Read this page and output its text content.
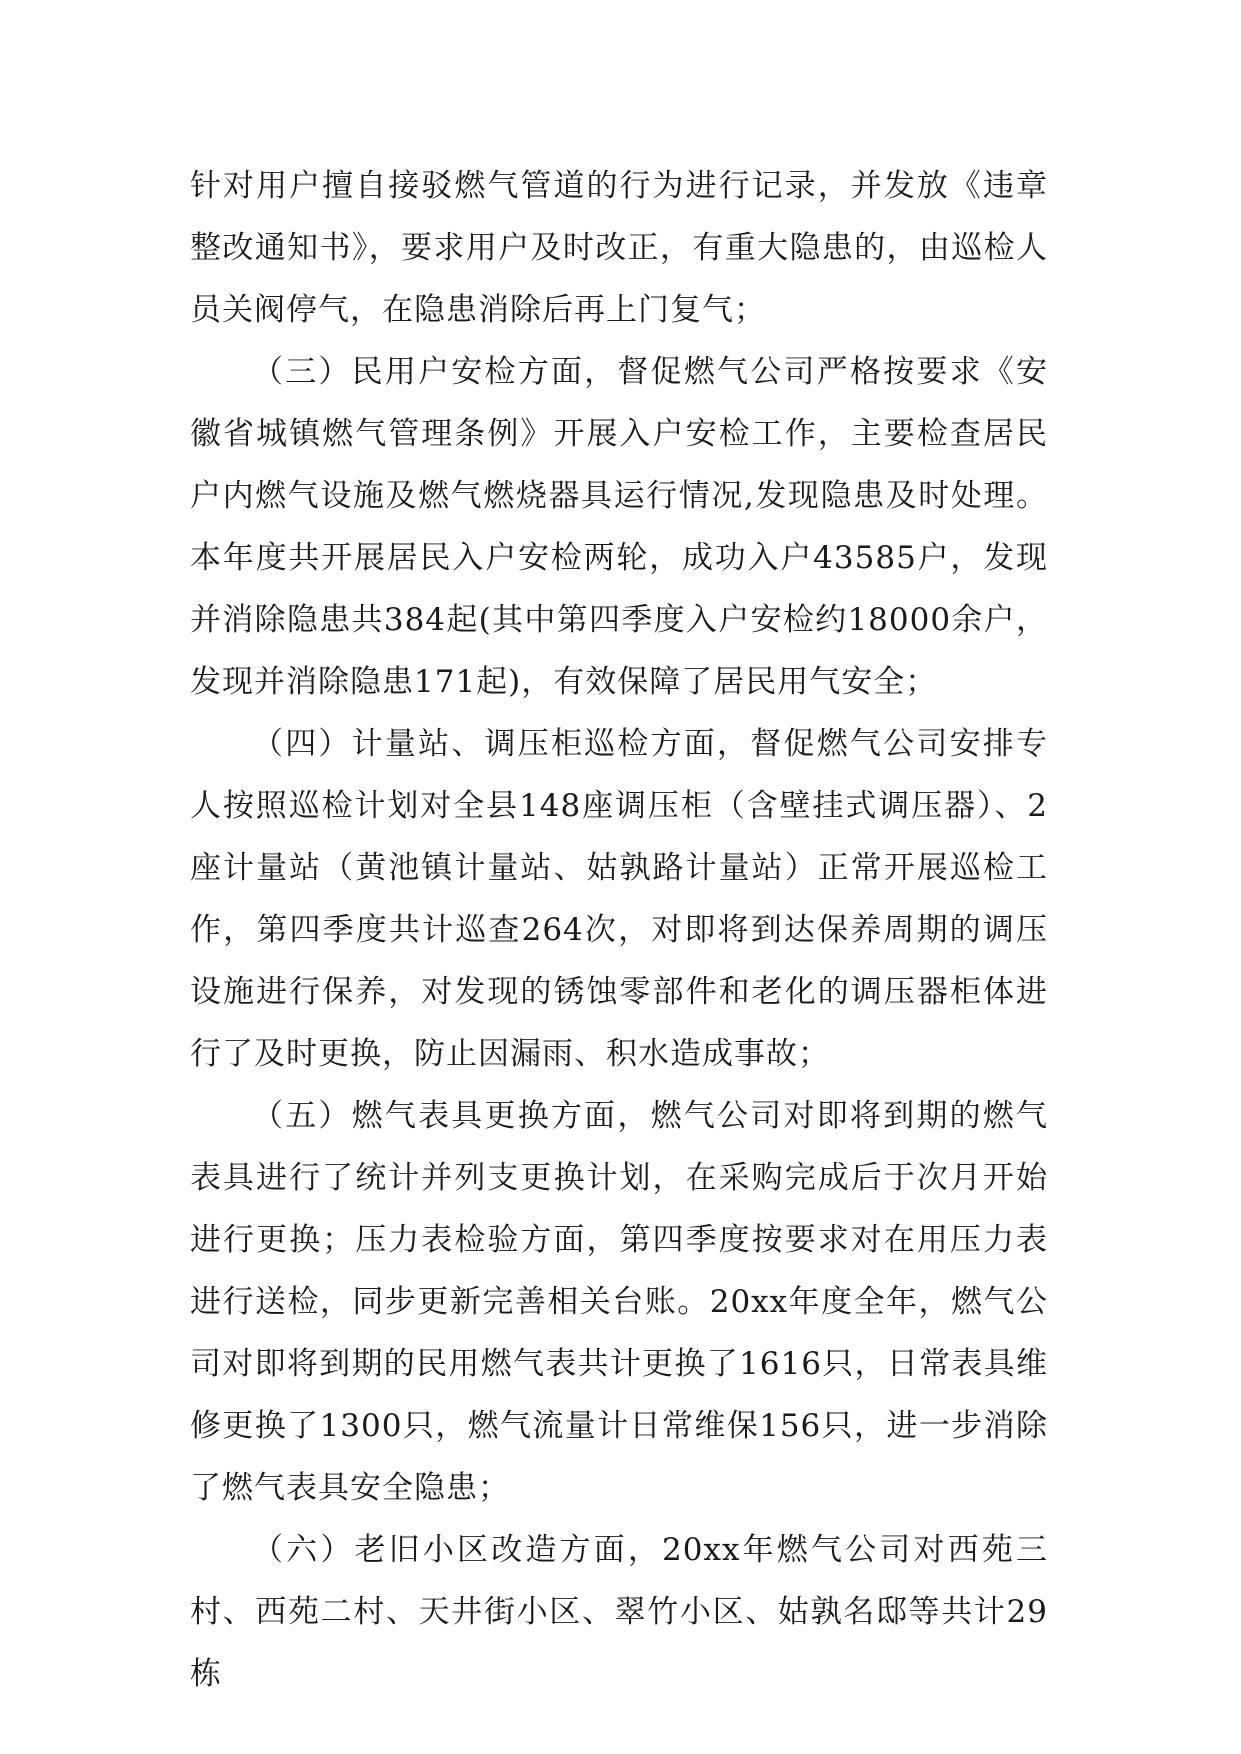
针对用户擅自接驳燃气管道的行为进行记录，并发放《违章整改通知书》，要求用户及时改正，有重大隐患的，由巡检人员关阀停气，在隐患消除后再上门复气；

（三）民用户安检方面，督促燃气公司严格按要求《安徽省城镇燃气管理条例》开展入户安检工作，主要检查居民户内燃气设施及燃气燃烧器具运行情况,发现隐患及时处理。本年度共开展居民入户安检两轮，成功入户43585户，发现并消除隐患共384起(其中第四季度入户安检约18000余户，发现并消除隐患171起)，有效保障了居民用气安全；

（四）计量站、调压柜巡检方面，督促燃气公司安排专人按照巡检计划对全县148座调压柜（含壁挂式调压器）、2座计量站（黄池镇计量站、姑孰路计量站）正常开展巡检工作，第四季度共计巡查264次，对即将到达保养周期的调压设施进行保养，对发现的锈蚀零部件和老化的调压器柜体进行了及时更换，防止因漏雨、积水造成事故；

（五）燃气表具更换方面，燃气公司对即将到期的燃气表具进行了统计并列支更换计划，在采购完成后于次月开始进行更换；压力表检验方面，第四季度按要求对在用压力表进行送检，同步更新完善相关台账。20xx年度全年，燃气公司对即将到期的民用燃气表共计更换了1616只，日常表具维修更换了1300只，燃气流量计日常维保156只，进一步消除了燃气表具安全隐患；

（六）老旧小区改造方面，20xx年燃气公司对西苑三村、西苑二村、天井街小区、翠竹小区、姑孰名邸等共计29栋
